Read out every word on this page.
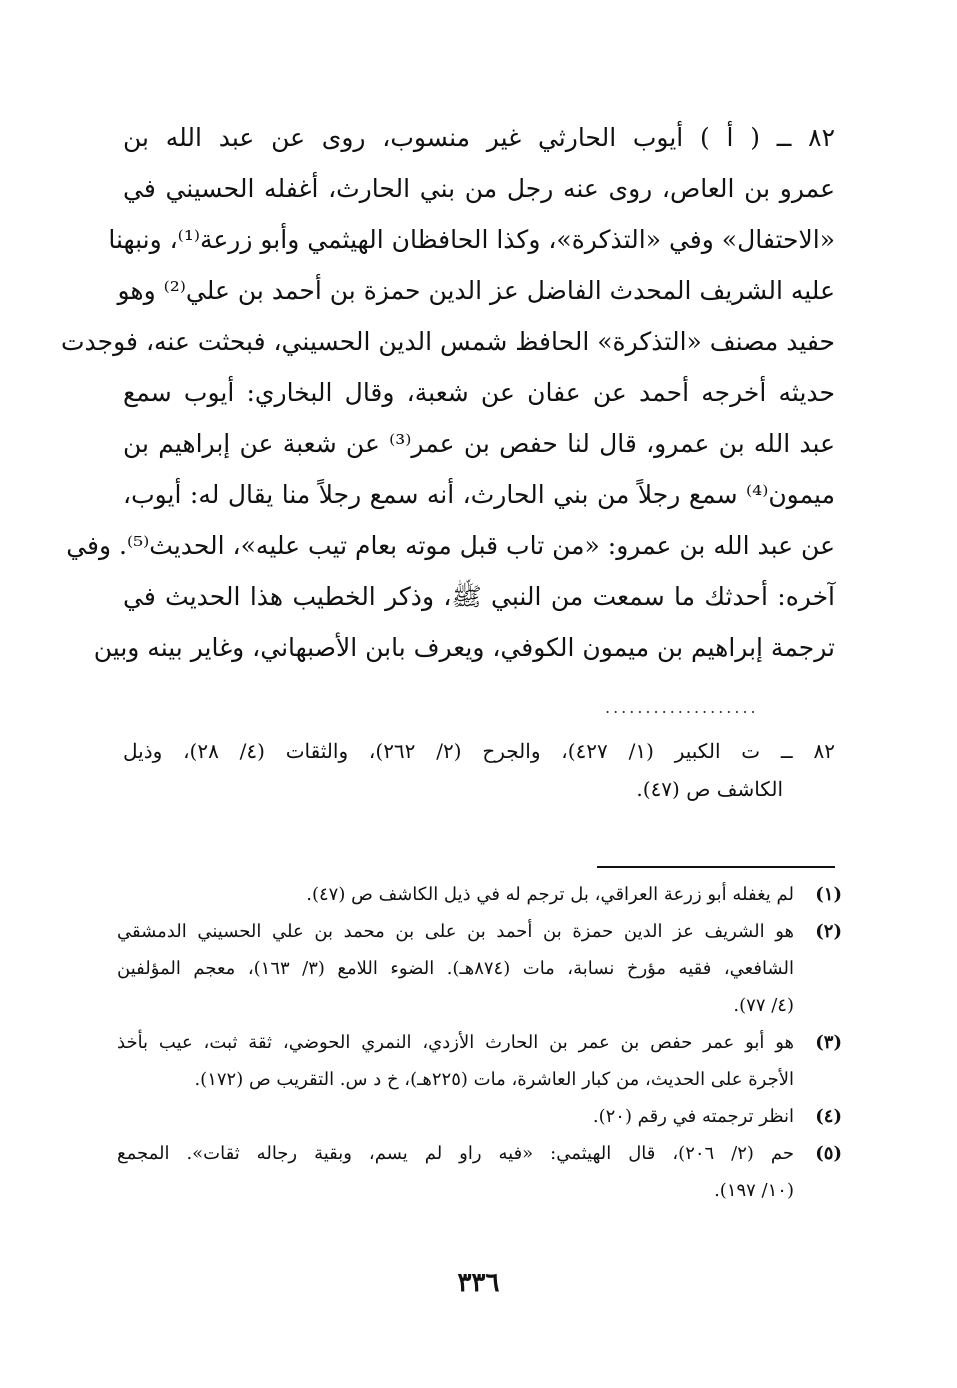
٨٢ ــ ( أ ) أيوب الحارثي غير منسوب، روى عن عبد الله بن
عمرو بن العاص، روى عنه رجل من بني الحارث، أغفله الحسيني في
«الاحتفال» وفي «التذكرة»، وكذا الحافظان الهيثمي وأبو زرعة⁽¹⁾، ونبهنا
عليه الشريف المحدث الفاضل عز الدين حمزة بن أحمد بن علي⁽²⁾ وهو
حفيد مصنف «التذكرة» الحافظ شمس الدين الحسيني، فبحثت عنه، فوجدت
حديثه أخرجه أحمد عن عفان عن شعبة، وقال البخاري: أيوب سمع
عبد الله بن عمرو، قال لنا حفص بن عمر⁽³⁾ عن شعبة عن إبراهيم بن
ميمون⁽⁴⁾ سمع رجلاً من بني الحارث، أنه سمع رجلاً منا يقال له: أيوب،
عن عبد الله بن عمرو: «من تاب قبل موته بعام تيب عليه»، الحديث⁽⁵⁾. وفي
آخره: أحدثك ما سمعت من النبي ﷺ، وذكر الخطيب هذا الحديث في
ترجمة إبراهيم بن ميمون الكوفي، ويعرف بابن الأصبهاني، وغاير بينه وبين
...................
٨٢ ــ ت الكبير (١/ ٤٢٧)، والجرح (٢/ ٢٦٢)، والثقات (٤/ ٢٨)، وذيل
الكاشف ص (٤٧).
(١)
لم يغفله أبو زرعة العراقي، بل ترجم له في ذيل الكاشف ص (٤٧).
(٢)
هو الشريف عز الدين حمزة بن أحمد بن على بن محمد بن علي الحسيني الدمشقي
الشافعي، فقيه مؤرخ نسابة، مات (٨٧٤هـ). الضوء اللامع (٣/ ١٦٣)، معجم المؤلفين
(٤/ ٧٧).
(٣)
هو أبو عمر حفص بن عمر بن الحارث الأزدي، النمري الحوضي، ثقة ثبت، عيب بأخذ
الأجرة على الحديث، من كبار العاشرة، مات (٢٢٥هـ)، خ د س. التقريب ص (١٧٢).
(٤)
انظر ترجمته في رقم (٢٠).
(٥)
حم (٢/ ٢٠٦)، قال الهيثمي: «فيه راو لم يسم، وبقية رجاله ثقات». المجمع
(١٠/ ١٩٧).
٣٣٦
